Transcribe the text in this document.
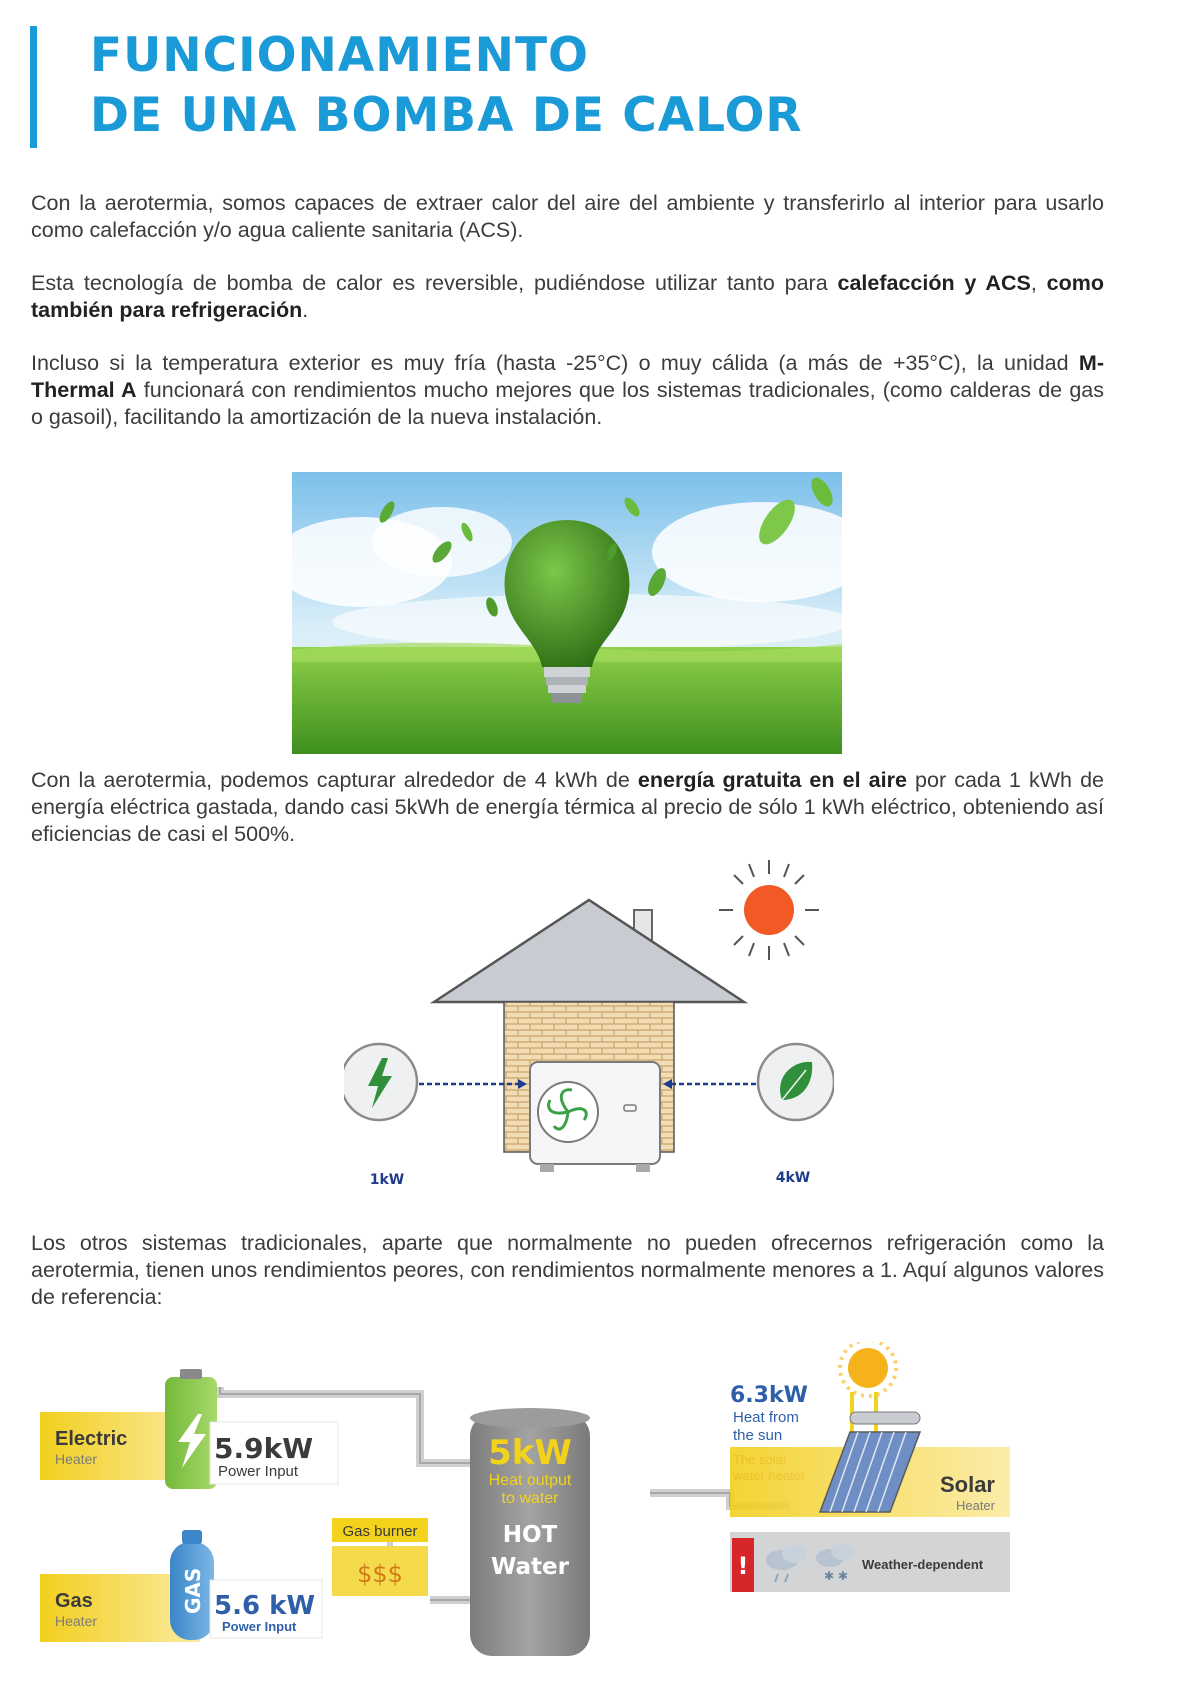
FUNCIONAMIENTO
DE UNA BOMBA DE CALOR

Con la aerotermia, somos capaces de extraer calor del aire del ambiente y transferirlo al interior para usarlo como calefacción y/o agua caliente sanitaria (ACS).

Esta tecnología de bomba de calor es reversible, pudiéndose utilizar tanto para calefacción y ACS, como también para refrigeración.

Incluso si la temperatura exterior es muy fría (hasta -25°C) o muy cálida (a más de +35°C), la unidad M-Thermal A funcionará con rendimientos mucho mejores que los sistemas tradicionales, (como calderas de gas o gasoil), facilitando la amortización de la nueva instalación.

Con la aerotermia, podemos capturar alrededor de 4 kWh de energía gratuita en el aire por cada 1 kWh de energía eléctrica gastada, dando casi 5kWh de energía térmica al precio de sólo 1 kWh eléctrico, obteniendo así eficiencias de casi el 500%.

1kW	4kW

Los otros sistemas tradicionales, aparte que normalmente no pueden ofrecernos refrigeración como la aerotermia, tienen unos rendimientos peores, con rendimientos normalmente menores a 1. Aquí algunos valores de referencia:

Electric
Heater	5.9kW
Power Input
Gas
Heater
GAS 5.6 kW
Power Input
Gas burner
$$$
5kW
Heat output
to water
HOT
Water
6.3kW
Heat from
the sun
Solar
Heater
!	✱ ✱
Weather-dependent
